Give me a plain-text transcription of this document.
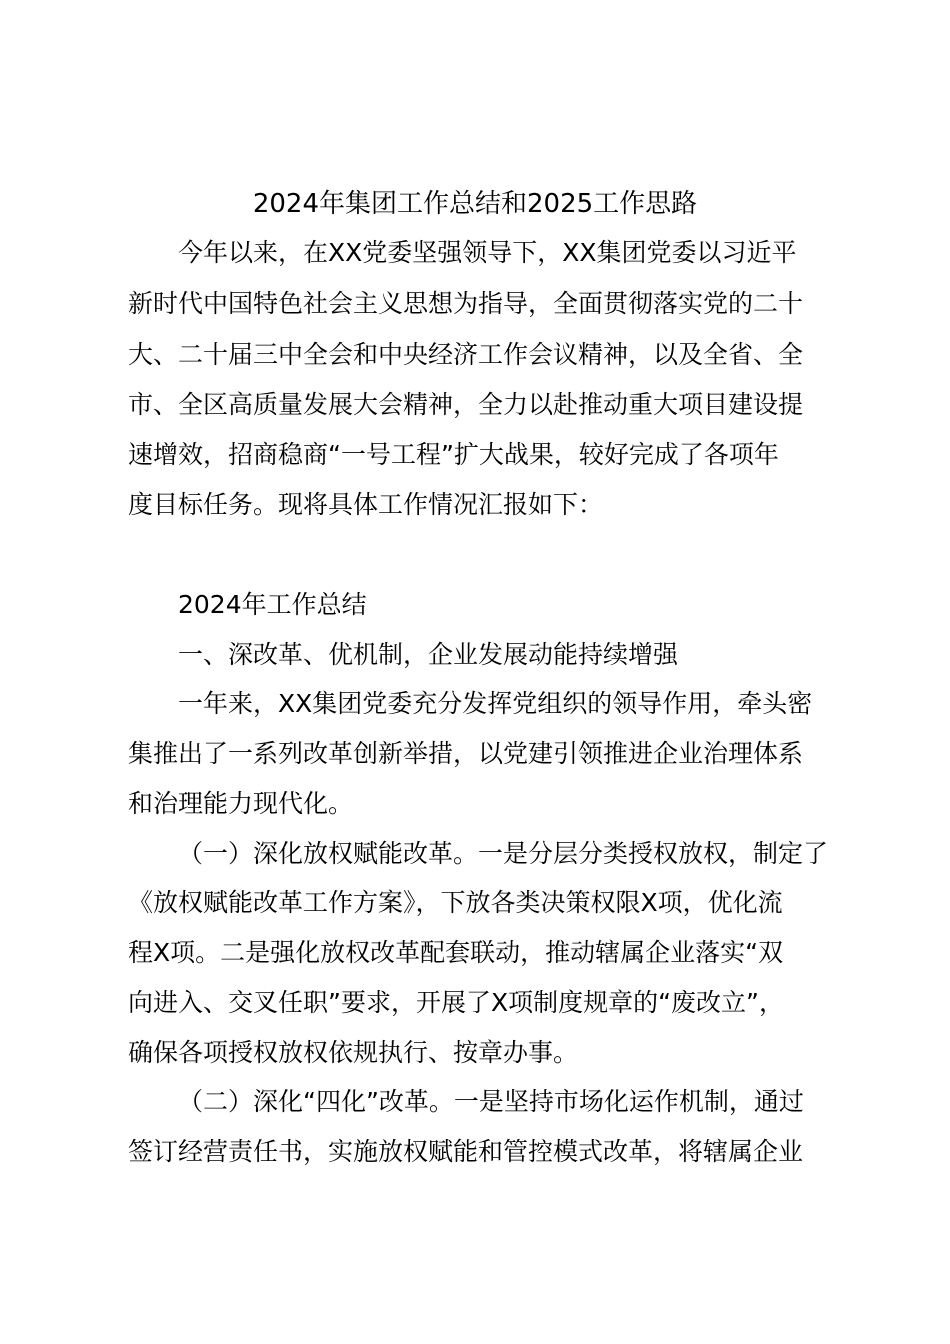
2024年集团工作总结和2025工作思路
今年以来，在XX党委坚强领导下，XX集团党委以习近平
新时代中国特色社会主义思想为指导，全面贯彻落实党的二十
大、二十届三中全会和中央经济工作会议精神，以及全省、全
市、全区高质量发展大会精神，全力以赴推动重大项目建设提
速增效，招商稳商“一号工程”扩大战果，较好完成了各项年
度目标任务。现将具体工作情况汇报如下：
2024年工作总结
一、深改革、优机制，企业发展动能持续增强
一年来，XX集团党委充分发挥党组织的领导作用，牵头密
集推出了一系列改革创新举措，以党建引领推进企业治理体系
和治理能力现代化。
（一）深化放权赋能改革。一是分层分类授权放权，制定了
《放权赋能改革工作方案》，下放各类决策权限X项，优化流
程X项。二是强化放权改革配套联动，推动辖属企业落实“双
向进入、交叉任职”要求，开展了X项制度规章的“废改立”，
确保各项授权放权依规执行、按章办事。
（二）深化“四化”改革。一是坚持市场化运作机制，通过
签订经营责任书，实施放权赋能和管控模式改革，将辖属企业
